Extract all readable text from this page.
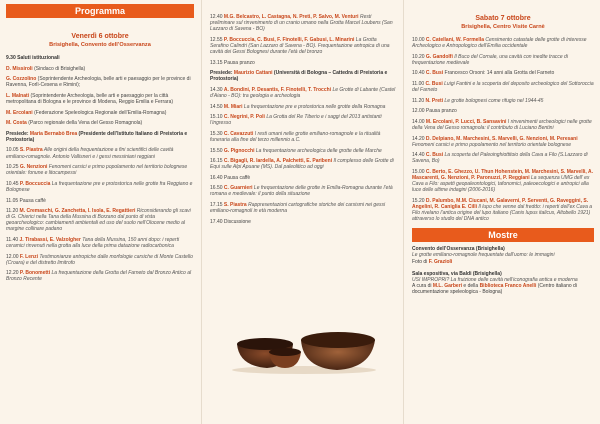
Programma
Venerdì 6 ottobre
Brisighella, Convento dell’Osservanza
9.30 Saluti istituzionali
D. Missiroli (Sindaco di Brisighella)
G. Cozzolino (Soprintendente Archeologia, belle arti e paesaggio per le province di Ravenna, Forlì-Cesena e Rimini);
L. Malnati (Soprintendente Archeologia, belle arti e paesaggio per la città metropolitana di Bologna e le province di Modena, Reggio Emilia e Ferrara)
M. Ercolani (Federazione Speleologica Regionale dell’Emilia-Romagna)
M. Costa (Parco regionale della Vena del Gesso Romagnola)
Presiede: Maria Bernabò Brea (Presidente dell’Istituto Italiano di Preistoria e Protostoria)
10.05 S. Piastra Alle origini della frequentazione a fini scientifici delle cavità emiliano-romagnole. Antonio Vallisneri e i gessi messiniani reggiani
10.25 G. Nenzioni Fenomeni carsici e primo popolamento nel territorio bolognese orientale: fonune e litocampessi
10.45 P. Boccuccia La frequentazione pre e protostorica nelle grotte fra Reggiano e Bolognese
11.05 Pausa caffè
11.20 M. Cremaschi, G. Zanchetta, I. Isola, E. Regattieri Riconsiderando gli scavi di G. Chierici nella Tana della Mussina di Borzano dal punto di vista geoarcheologico: cambiamenti ambientali ed uso del suolo nell’Olocene medio al margine collinare padano
11.40 J. Tirabassi, E. Valzolgher Tana della Mussina, 150 anni dopo: i reperti ceramici rinvenuti nella grotta alla luce della prima datazione radiocarbonica
12.00 F. Lenzi Testimonianze antropiche dalle morfologie carsiche di Monte Castello (Croara) e del distretto limitrofo
12.20 P. Bonometti La frequentazione della Grotta del Farneto dal Bronzo Antico al Bronzo Recente
12.40 M.G. Belcastro, L. Castagna, N. Preti, P. Salvo, M. Venturi Resti preliminare sul rinvenimento di un cranio umano nella Grotta Marcel Loubens (San Lazzaro di Savena - BO)
12.55 P. Boccuccia, C. Busi, F. Finotelli, F. Gabusi, L. Minarini La Grotta Serafino Calindri (San Lazzaro di Savena - BO). Frequentazione antropica di una cavità dei Gessi Bolognesi durante l’età del bronzo
13.15 Pausa pranzo
Presiede: Maurizio Cattani (Università di Bologna – Cattedra di Preistoria e Protostoria)
14.30 A. Bondini, P. Desantis, F. Finotelli, T. Trocchi Le Grotte di Labante (Castel d’Aiano - BO): tra geologia e archeologia
14.50 M. Miari La frequentazione pre e protostorica nelle grotte della Romagna
15.10 C. Negrini, P. Poli La Grotta del Re Tiberio e i saggi del 2013 antistanti l’ingresso
15.30 C. Cavazzuti I resti umani nelle grotte emiliano-romagnole e la ritualità funeraria alla fine del terzo millennio a.C.
15.50 G. Pignocchi La frequentazione archeologica delle grotte delle Marche
16.15 C. Bigagli, R. Iardella, A. Palchetti, E. Paribeni Il complesso delle Grotte di Equi sulle Alpi Apuane (MS). Dal paleolitico ad oggi
16.40 Pausa caffè
16.50 C. Guarnieri Le frequentazione delle grotte in Emilia-Romagna durante l’età romana e medievale: il punto della situazione
17.15 S. Piastra Rappresentazioni cartografiche storiche dei carsismi nei gessi emiliano-romagnoli in età moderna
17.40 Discussione
Sabato 7 ottobre
Brisighella, Centro Visite Carnè
10.00 C. Catellani, W. Formella Censimento catastale delle grotte di interesse Archeologico e Antropologico dell’Emilia occidentale
10.20 G. Gandolfi Il Buco del Cornale, una cavità con inedite tracce di frequentazione medievale
10.40 C. Busi Francesco Orsoni: 14 anni alla Grotta del Farneto
11.00 C. Busi Luigi Fantini e la scoperta del deposito archeologico del Sottoroccia del Farneto
11.20 N. Preti Le grotte bolognesi come rifugio nel 1944-45
12.00 Pausa pranzo
14.00 M. Ercolani, P. Lucci, B. Sansavini I rinvenimenti archeologici nelle grotte della Vena del Gesso romagnola: il contributo di Luciano Bentini
14.20 D. Delpiano, M. Marchesini, S. Marvelli, G. Nenzioni, M. Peresani Fenomeni carsici e primo popolamento nel territorio orientale bolognese
14.40 C. Busi La scoperta del Paleoinghiottitoio della Cava a Filo (S.Lazzaro di Savena, Bo)
15.00 C. Berto, E. Ghezzo, U. Thun Hohenstein, M. Marchesini, S. Marvelli, A. Mascarenti, G. Nenzioni, P. Paronuzzi, P. Reggiani La sequenza UMG dell’ ex Cava a Filo: aspetti geopaleontologici, tafonomici, paleoecologici e antropici alla luce delle ultime indagini (2006-2016)
15.20 D. Palumbo, M.M. Ciucani, M. Galaverni, P. Serventi, G. Raveggini, S. Angelini, R. Caniglia E. Cilli Il lupo che venne dal freddo: i reperti dell’ex Cava a Filo rivelano l’antica origine del lupo italiano (Canis lupus italicus, Altobello 1921) attraverso lo studio del DNA antico
Mostre
Convento dell’Osservanza (Brisighella)
Le grotte emiliano-romagnole frequentate dall’uomo: le immagini
Foto di F. Grazioli
Sala espositiva, via Baldi (Brisighella)
USI IMPROPRI? La fruizione delle cavità nell’iconografia antica e moderna
A cura di M.L. Garberi e della Biblioteca Franco Anelli (Centro italiano di documentazione speleologica - Bologna)
